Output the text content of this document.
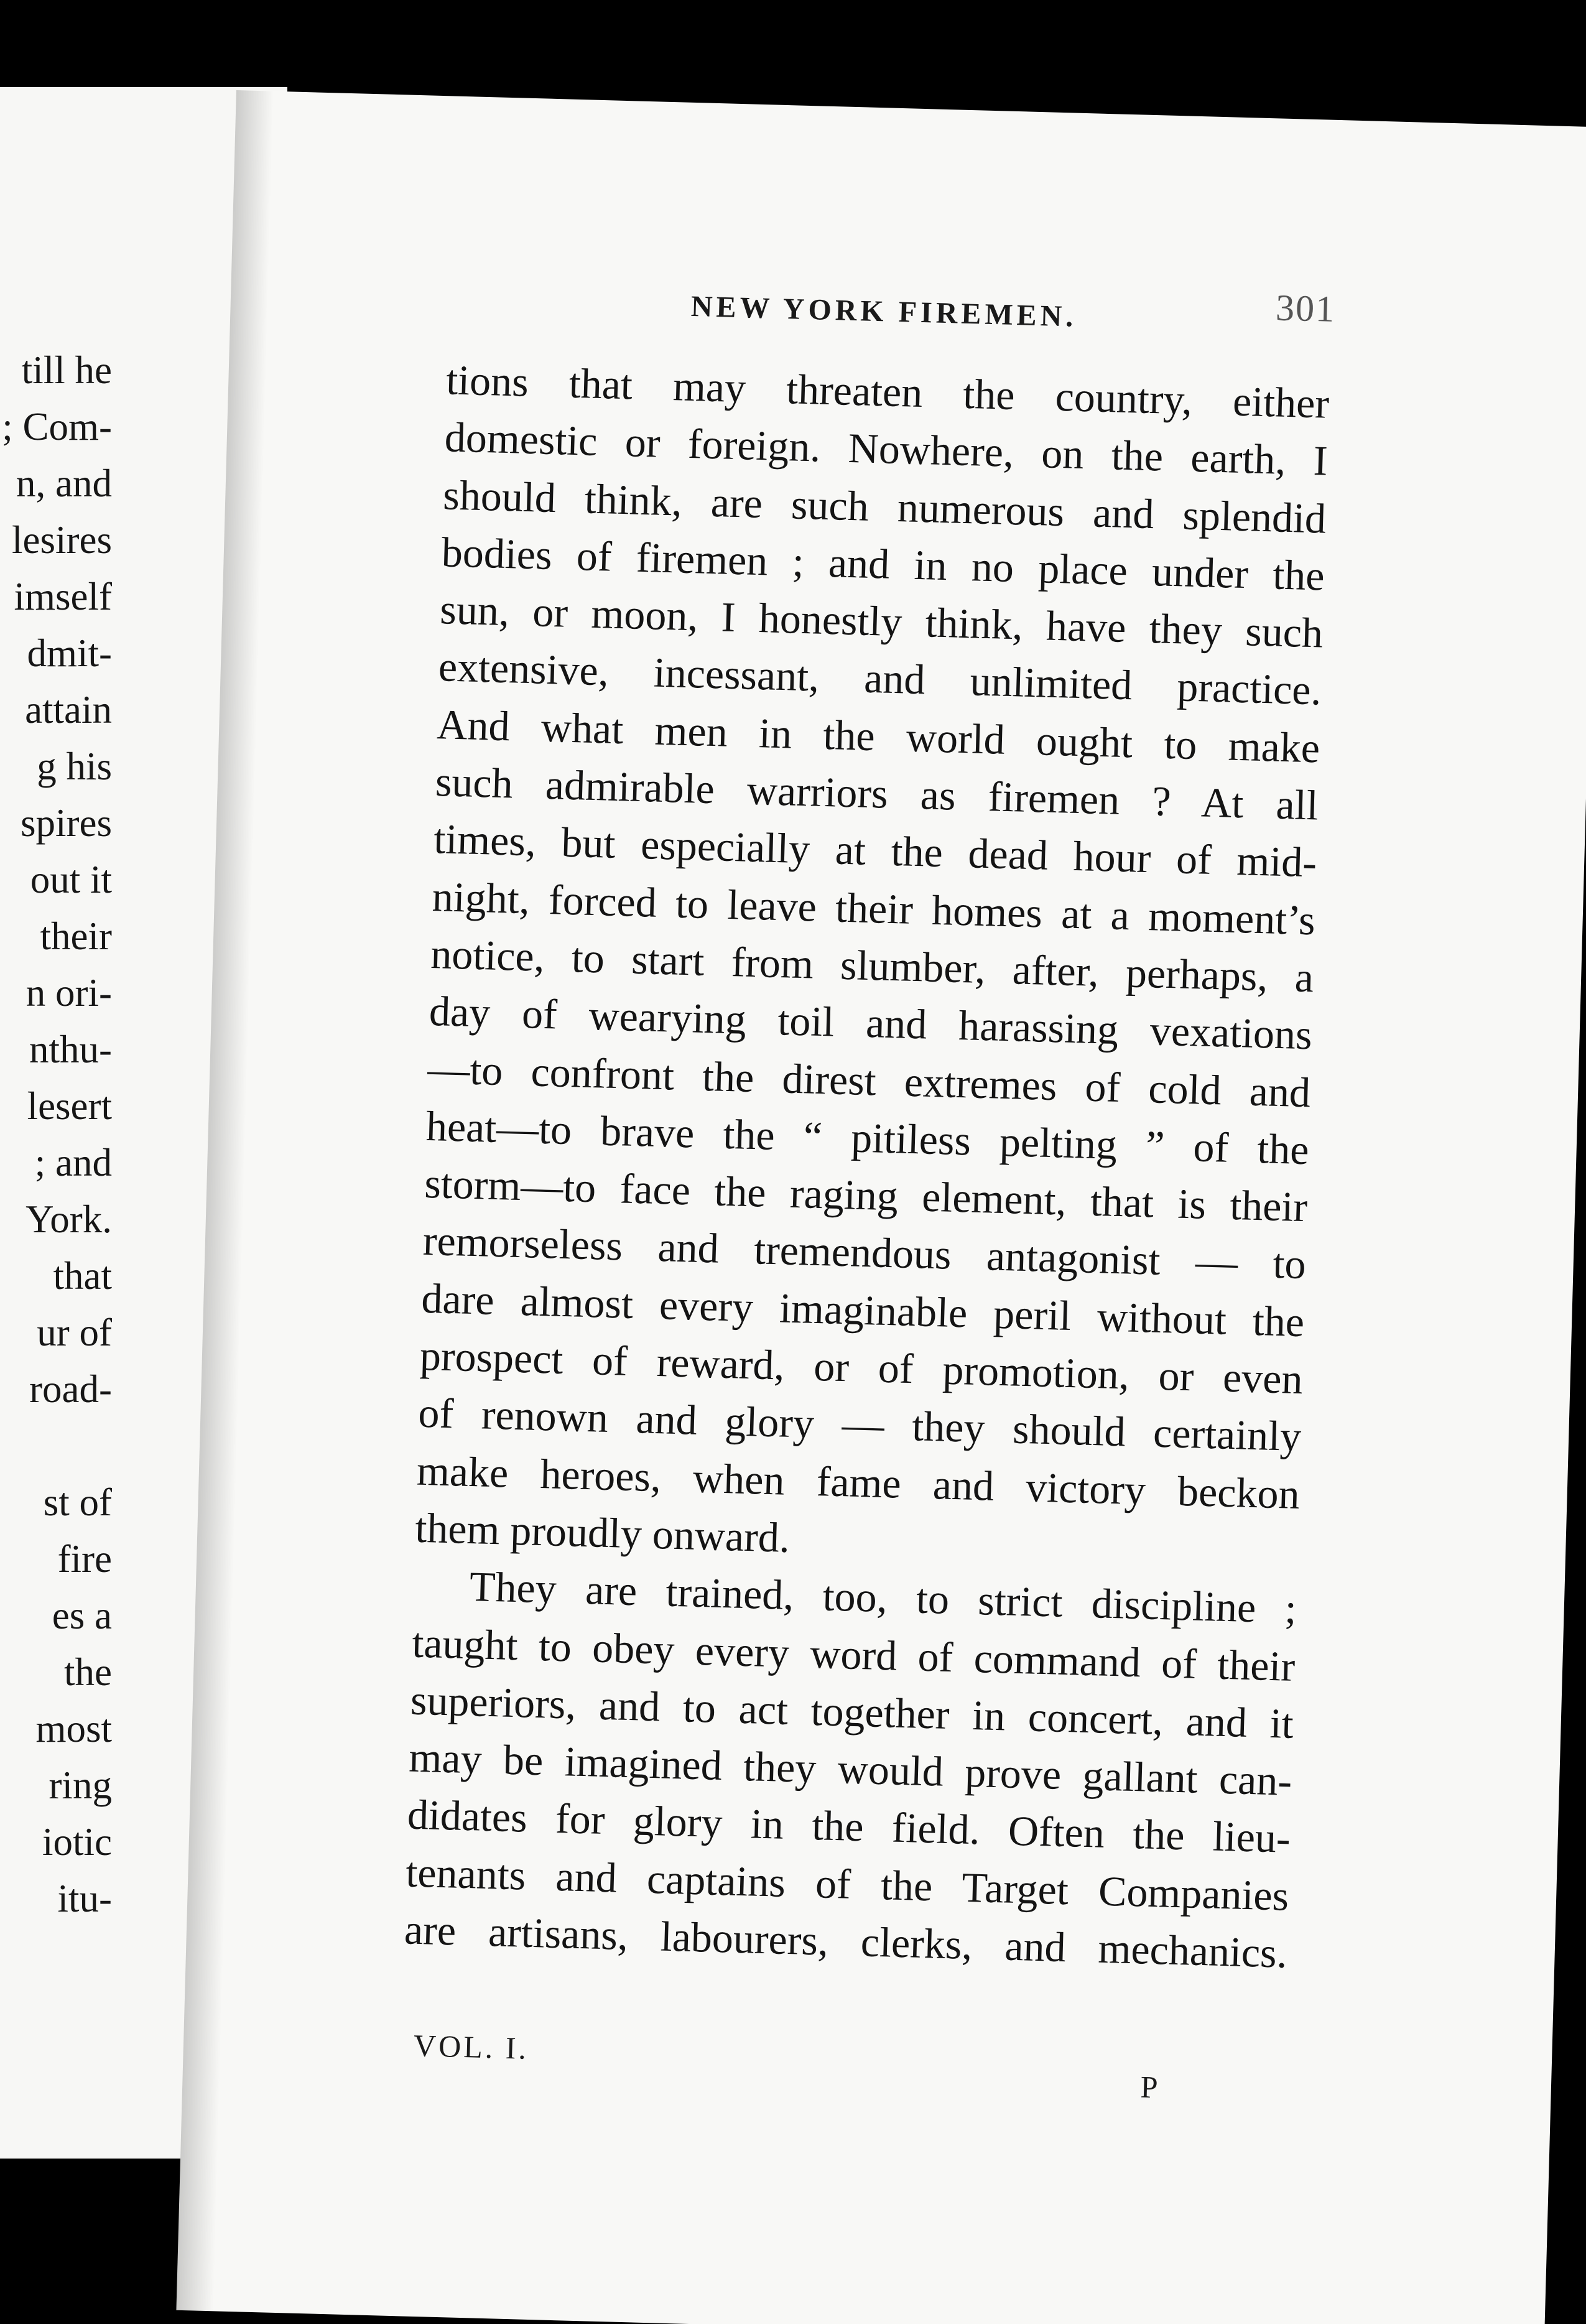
till he
; Com-
n, and
lesires
imself
dmit-
attain
g his
spires
out it
their
n ori-
nthu-
lesert
; and
York.
that
ur of
road-
st of
fire
es a
the
most
ring
iotic
itu-
NEW YORK FIREMEN.	301
tions that may threaten the country, either
domestic or foreign. Nowhere, on the earth, I
should think, are such numerous and splendid
bodies of firemen ; and in no place under the
sun, or moon, I honestly think, have they such
extensive, incessant, and unlimited practice.
And what men in the world ought to make
such admirable warriors as firemen ? At all
times, but especially at the dead hour of mid-
night, forced to leave their homes at a moment’s
notice, to start from slumber, after, perhaps, a
day of wearying toil and harassing vexations
—to confront the direst extremes of cold and
heat—to brave the “ pitiless pelting ” of the
storm—to face the raging element, that is their
remorseless and tremendous antagonist — to
dare almost every imaginable peril without the
prospect of reward, or of promotion, or even
of renown and glory — they should certainly
make heroes, when fame and victory beckon
them proudly onward.
They are trained, too, to strict discipline ;
taught to obey every word of command of their
superiors, and to act together in concert, and it
may be imagined they would prove gallant can-
didates for glory in the field. Often the lieu-
tenants and captains of the Target Companies
are artisans, labourers, clerks, and mechanics.
VOL. I.
P
